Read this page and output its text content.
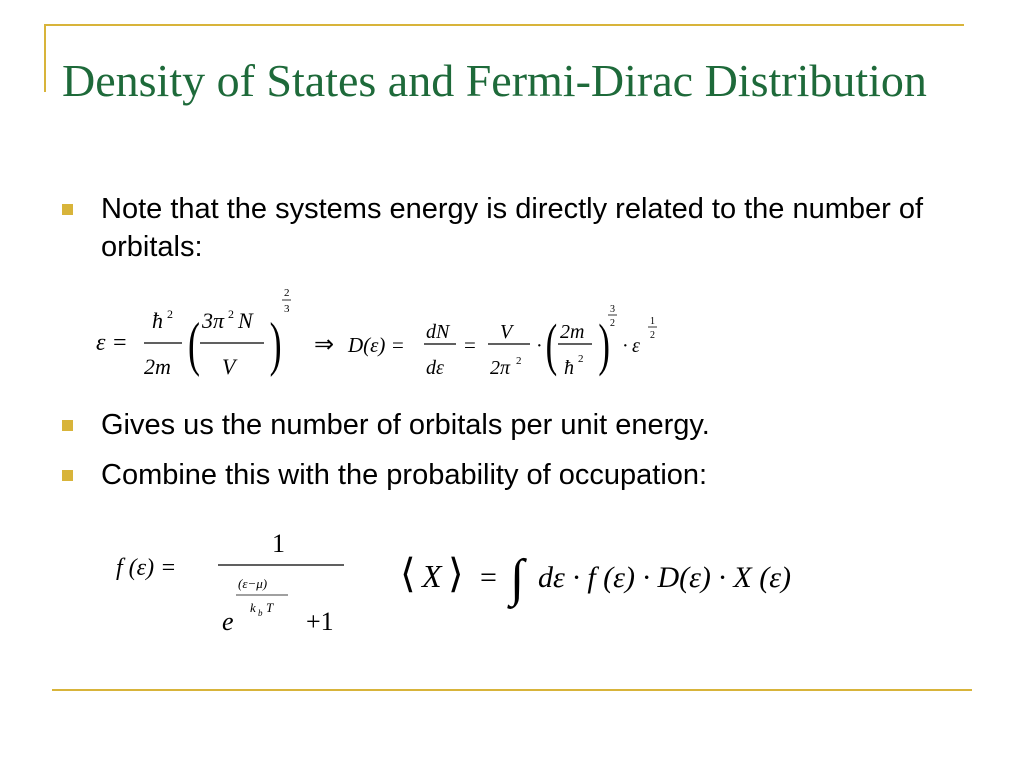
Density of States and Fermi-Dirac Distribution
Note that the systems energy is directly related to the number of orbitals:
ε =
ħ 2
2m ( 3π 2 N
V )
2
3
⇒ D(ε) =
dN
dε
=
V
2π 2
· ( 2m
ħ 2 )
3
2
· ε
1
2
Gives us the number of orbitals per unit energy.
Combine this with the probability of occupation:
f (ε) =
1
e
(ε−μ)
k b T +1
⟨ X ⟩ = ∫ dε · f (ε) · D(ε) · X (ε)
